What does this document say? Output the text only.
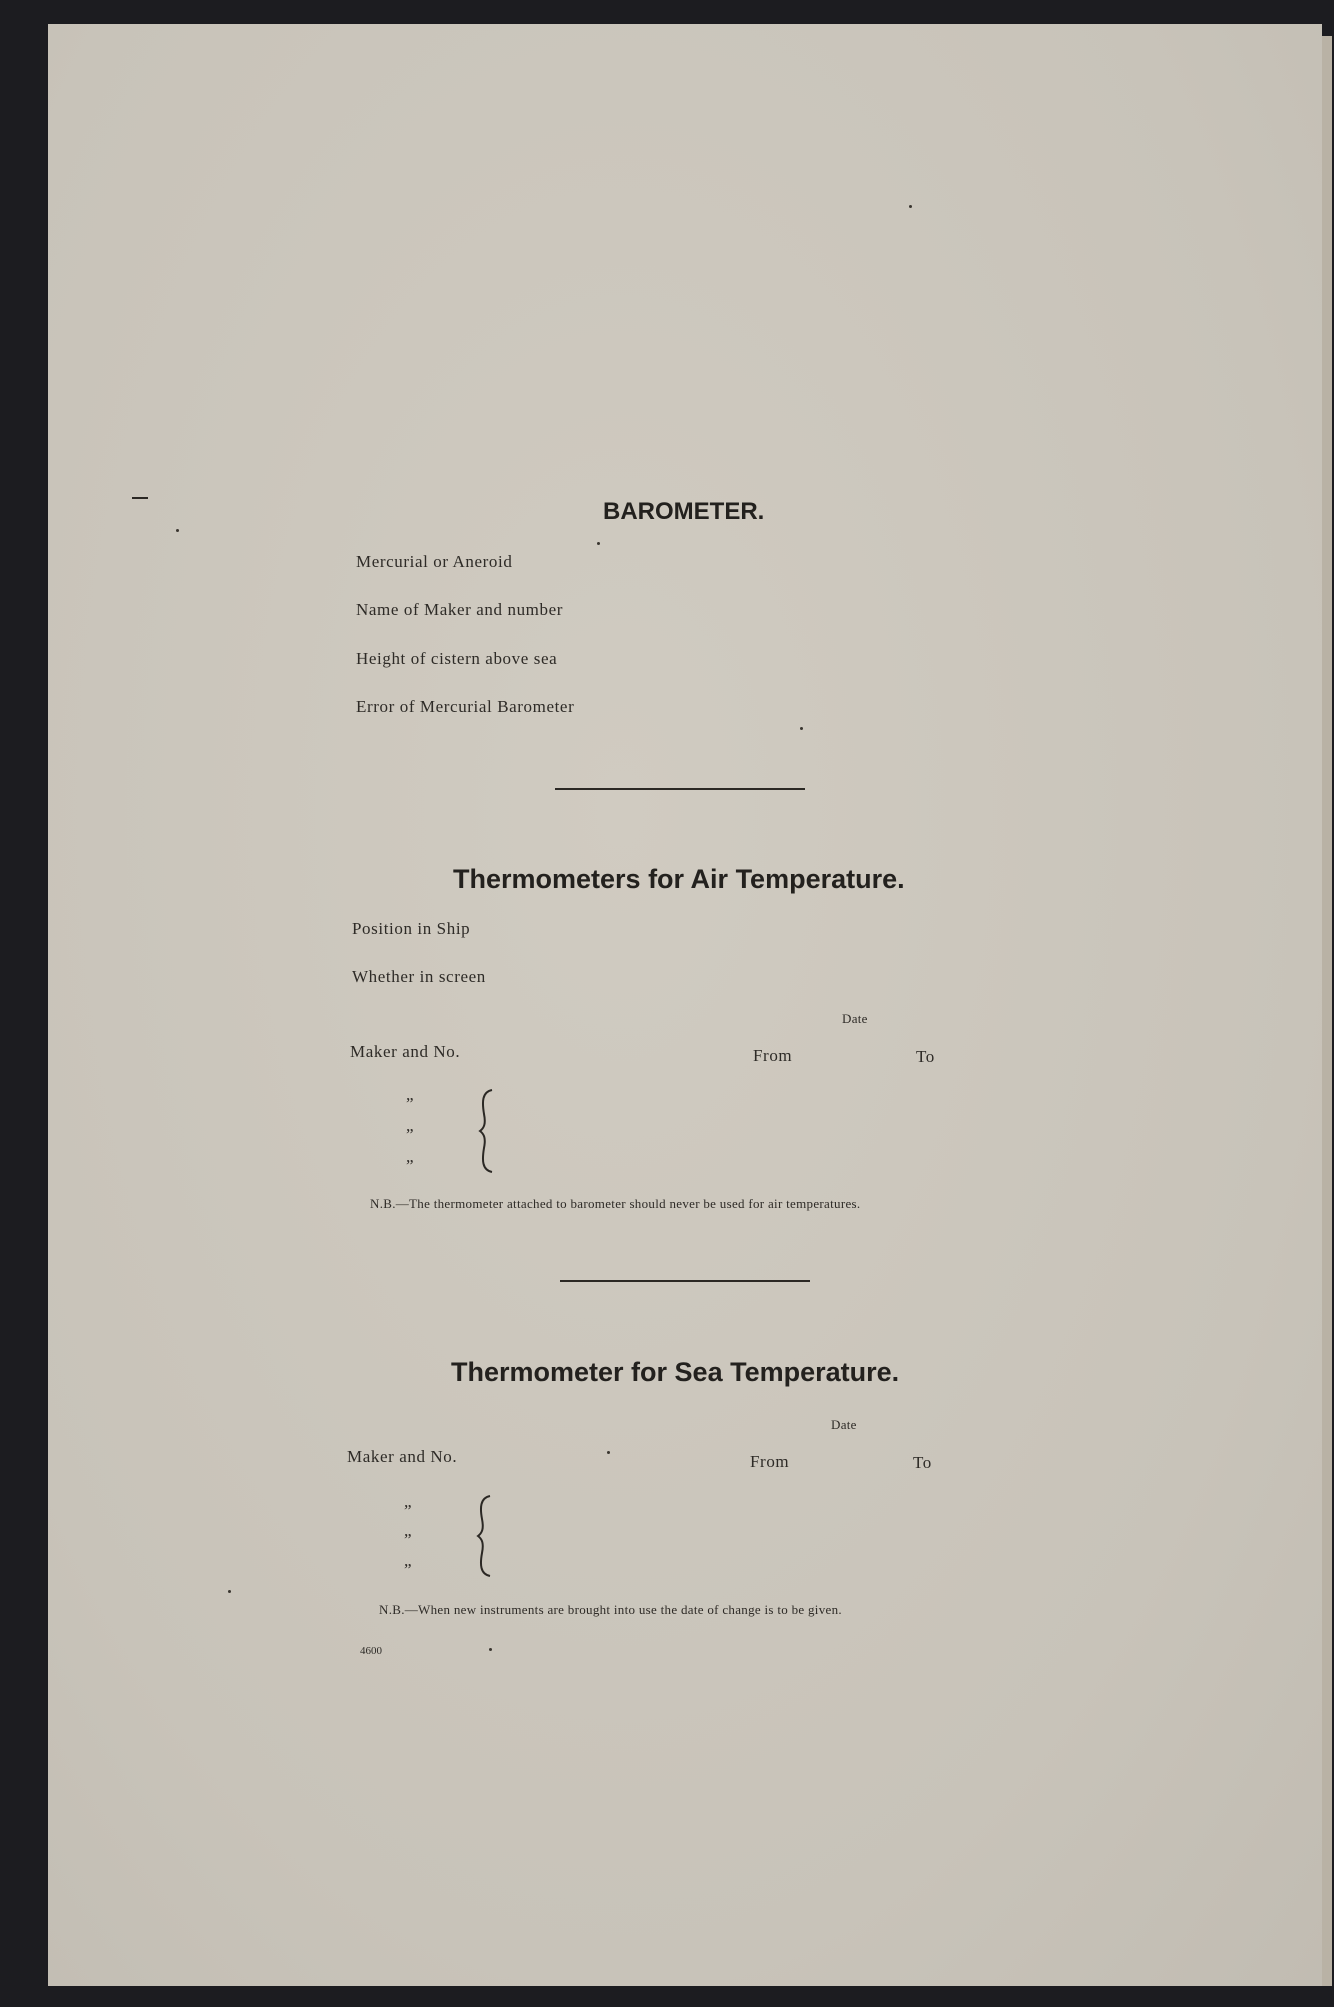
BAROMETER.
Mercurial or Aneroid
Name of Maker and number
Height of cistern above sea
Error of Mercurial Barometer
Thermometers for Air Temperature.
Position in Ship
Whether in screen
Date
Maker and No.	From	To
”
”
”
N.B.—The thermometer attached to barometer should never be used for air temperatures.
Thermometer for Sea Temperature.
Date
Maker and No.	From	To
”
”
”
N.B.—When new instruments are brought into use the date of change is to be given.
4600
